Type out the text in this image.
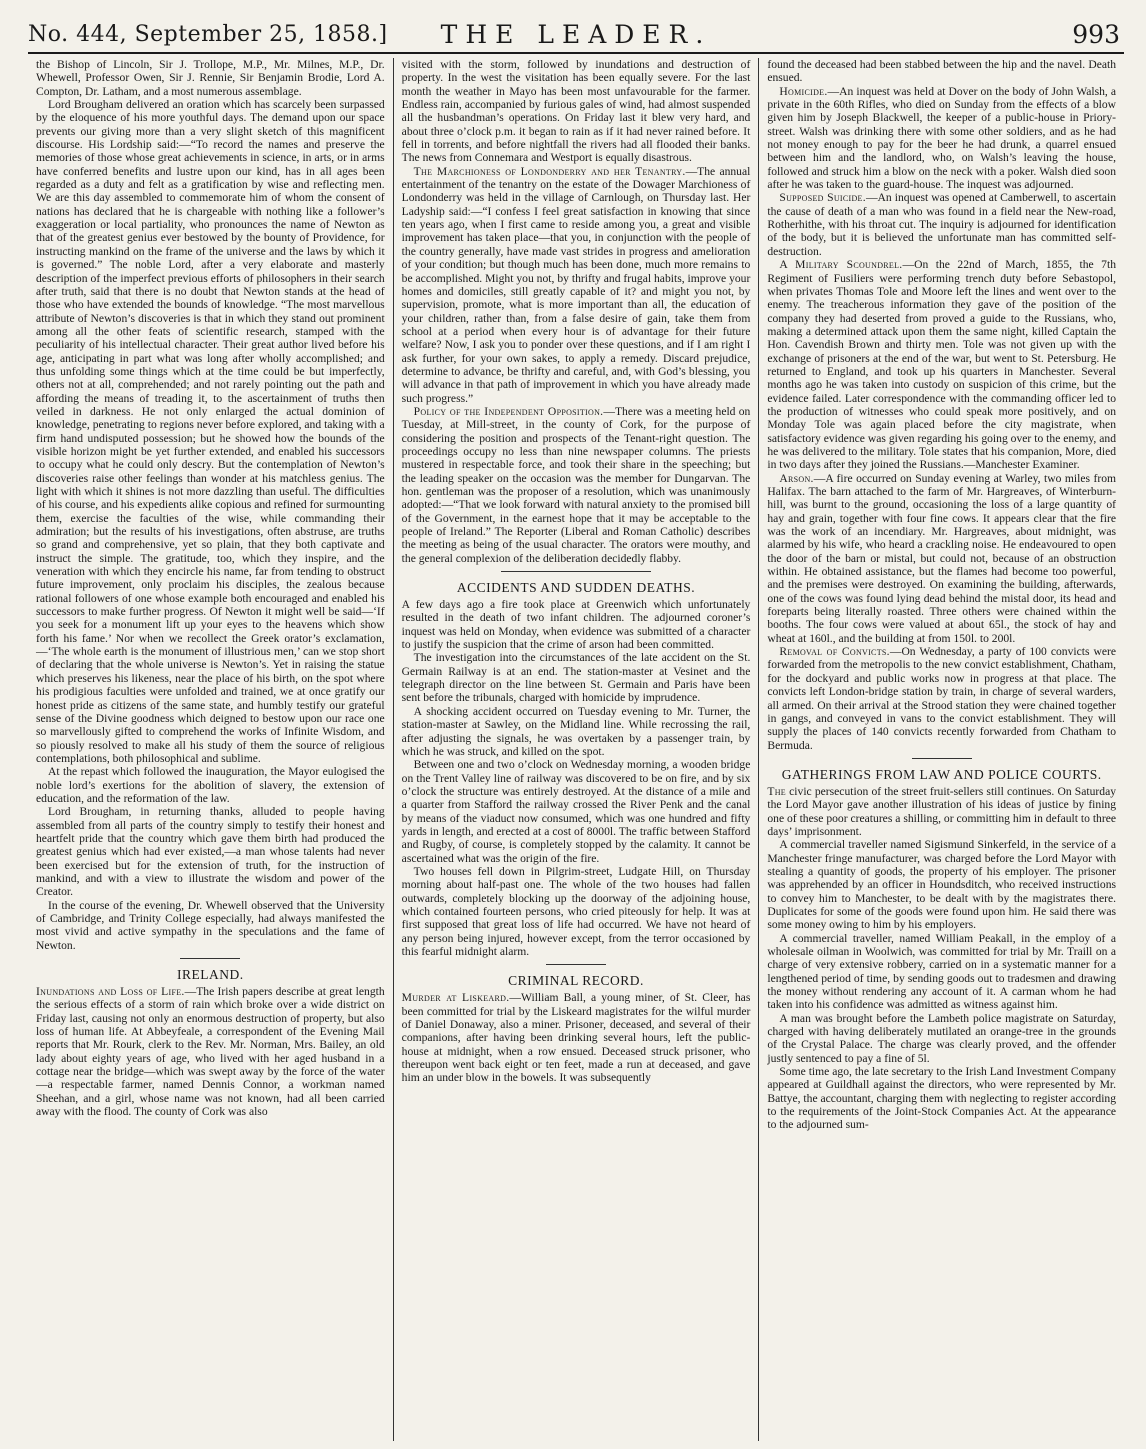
No. 444, September 25, 1858.]	THE LEADER.	993

the Bishop of Lincoln, Sir J. Trollope, M.P., Mr. Milnes, M.P., Dr. Whewell, Professor Owen, Sir J. Rennie, Sir Benjamin Brodie, Lord A. Compton, Dr. Latham, and a most numerous assemblage.

Lord Brougham delivered an oration which has scarcely been surpassed by the eloquence of his more youthful days. The demand upon our space prevents our giving more than a very slight sketch of this magnificent discourse. His Lordship said:—“To record the names and preserve the memories of those whose great achievements in science, in arts, or in arms have conferred benefits and lustre upon our kind, has in all ages been regarded as a duty and felt as a gratification by wise and reflecting men. We are this day assembled to commemorate him of whom the consent of nations has declared that he is chargeable with nothing like a follower’s exaggeration or local partiality, who pronounces the name of Newton as that of the greatest genius ever bestowed by the bounty of Providence, for instructing mankind on the frame of the universe and the laws by which it is governed.” The noble Lord, after a very elaborate and masterly description of the imperfect previous efforts of philosophers in their search after truth, said that there is no doubt that Newton stands at the head of those who have extended the bounds of knowledge. “The most marvellous attribute of Newton’s discoveries is that in which they stand out prominent among all the other feats of scientific research, stamped with the peculiarity of his intellectual character. Their great author lived before his age, anticipating in part what was long after wholly accomplished; and thus unfolding some things which at the time could be but imperfectly, others not at all, comprehended; and not rarely pointing out the path and affording the means of treading it, to the ascertainment of truths then veiled in darkness. He not only enlarged the actual dominion of knowledge, penetrating to regions never before explored, and taking with a firm hand undisputed possession; but he showed how the bounds of the visible horizon might be yet further extended, and enabled his successors to occupy what he could only descry. But the contemplation of Newton’s discoveries raise other feelings than wonder at his matchless genius. The light with which it shines is not more dazzling than useful. The difficulties of his course, and his expedients alike copious and refined for surmounting them, exercise the faculties of the wise, while commanding their admiration; but the results of his investigations, often abstruse, are truths so grand and comprehensive, yet so plain, that they both captivate and instruct the simple. The gratitude, too, which they inspire, and the veneration with which they encircle his name, far from tending to obstruct future improvement, only proclaim his disciples, the zealous because rational followers of one whose example both encouraged and enabled his successors to make further progress. Of Newton it might well be said—‘If you seek for a monument lift up your eyes to the heavens which show forth his fame.’ Nor when we recollect the Greek orator’s exclamation,—‘The whole earth is the monument of illustrious men,’ can we stop short of declaring that the whole universe is Newton’s. Yet in raising the statue which preserves his likeness, near the place of his birth, on the spot where his prodigious faculties were unfolded and trained, we at once gratify our honest pride as citizens of the same state, and humbly testify our grateful sense of the Divine goodness which deigned to bestow upon our race one so marvellously gifted to comprehend the works of Infinite Wisdom, and so piously resolved to make all his study of them the source of religious contemplations, both philosophical and sublime.

At the repast which followed the inauguration, the Mayor eulogised the noble lord’s exertions for the abolition of slavery, the extension of education, and the reformation of the law.

Lord Brougham, in returning thanks, alluded to people having assembled from all parts of the country simply to testify their honest and heartfelt pride that the country which gave them birth had produced the greatest genius which had ever existed,—a man whose talents had never been exercised but for the extension of truth, for the instruction of mankind, and with a view to illustrate the wisdom and power of the Creator.

In the course of the evening, Dr. Whewell observed that the University of Cambridge, and Trinity College especially, had always manifested the most vivid and active sympathy in the speculations and the fame of Newton.

IRELAND.

Inundations and Loss of Life.—The Irish papers describe at great length the serious effects of a storm of rain which broke over a wide district on Friday last, causing not only an enormous destruction of property, but also loss of human life. At Abbeyfeale, a correspondent of the Evening Mail reports that Mr. Rourk, clerk to the Rev. Mr. Norman, Mrs. Bailey, an old lady about eighty years of age, who lived with her aged husband in a cottage near the bridge—which was swept away by the force of the water—a respectable farmer, named Dennis Connor, a workman named Sheehan, and a girl, whose name was not known, had all been carried away with the flood. The county of Cork was also

visited with the storm, followed by inundations and destruction of property. In the west the visitation has been equally severe. For the last month the weather in Mayo has been most unfavourable for the farmer. Endless rain, accompanied by furious gales of wind, had almost suspended all the husbandman’s operations. On Friday last it blew very hard, and about three o’clock p.m. it began to rain as if it had never rained before. It fell in torrents, and before nightfall the rivers had all flooded their banks. The news from Connemara and Westport is equally disastrous.

The Marchioness of Londonderry and her Tenantry.—The annual entertainment of the tenantry on the estate of the Dowager Marchioness of Londonderry was held in the village of Carnlough, on Thursday last. Her Ladyship said:—“I confess I feel great satisfaction in knowing that since ten years ago, when I first came to reside among you, a great and visible improvement has taken place—that you, in conjunction with the people of the country generally, have made vast strides in progress and amelioration of your condition; but though much has been done, much more remains to be accomplished. Might you not, by thrifty and frugal habits, improve your homes and domiciles, still greatly capable of it? and might you not, by supervision, promote, what is more important than all, the education of your children, rather than, from a false desire of gain, take them from school at a period when every hour is of advantage for their future welfare? Now, I ask you to ponder over these questions, and if I am right I ask further, for your own sakes, to apply a remedy. Discard prejudice, determine to advance, be thrifty and careful, and, with God’s blessing, you will advance in that path of improvement in which you have already made such progress.”

Policy of the Independent Opposition.—There was a meeting held on Tuesday, at Mill-street, in the county of Cork, for the purpose of considering the position and prospects of the Tenant-right question. The proceedings occupy no less than nine newspaper columns. The priests mustered in respectable force, and took their share in the speeching; but the leading speaker on the occasion was the member for Dungarvan. The hon. gentleman was the proposer of a resolution, which was unanimously adopted:—“That we look forward with natural anxiety to the promised bill of the Government, in the earnest hope that it may be acceptable to the people of Ireland.” The Reporter (Liberal and Roman Catholic) describes the meeting as being of the usual character. The orators were mouthy, and the general complexion of the deliberation decidedly flabby.

ACCIDENTS AND SUDDEN DEATHS.

A few days ago a fire took place at Greenwich which unfortunately resulted in the death of two infant children. The adjourned coroner’s inquest was held on Monday, when evidence was submitted of a character to justify the suspicion that the crime of arson had been committed.

The investigation into the circumstances of the late accident on the St. Germain Railway is at an end. The station-master at Vesinet and the telegraph director on the line between St. Germain and Paris have been sent before the tribunals, charged with homicide by imprudence.

A shocking accident occurred on Tuesday evening to Mr. Turner, the station-master at Sawley, on the Midland line. While recrossing the rail, after adjusting the signals, he was overtaken by a passenger train, by which he was struck, and killed on the spot.

Between one and two o’clock on Wednesday morning, a wooden bridge on the Trent Valley line of railway was discovered to be on fire, and by six o’clock the structure was entirely destroyed. At the distance of a mile and a quarter from Stafford the railway crossed the River Penk and the canal by means of the viaduct now consumed, which was one hundred and fifty yards in length, and erected at a cost of 8000l. The traffic between Stafford and Rugby, of course, is completely stopped by the calamity. It cannot be ascertained what was the origin of the fire.

Two houses fell down in Pilgrim-street, Ludgate Hill, on Thursday morning about half-past one. The whole of the two houses had fallen outwards, completely blocking up the doorway of the adjoining house, which contained fourteen persons, who cried piteously for help. It was at first supposed that great loss of life had occurred. We have not heard of any person being injured, however except, from the terror occasioned by this fearful midnight alarm.

CRIMINAL RECORD.

Murder at Liskeard.—William Ball, a young miner, of St. Cleer, has been committed for trial by the Liskeard magistrates for the wilful murder of Daniel Donaway, also a miner. Prisoner, deceased, and several of their companions, after having been drinking several hours, left the public-house at midnight, when a row ensued. Deceased struck prisoner, who thereupon went back eight or ten feet, made a run at deceased, and gave him an under blow in the bowels. It was subsequently

found the deceased had been stabbed between the hip and the navel. Death ensued.

Homicide.—An inquest was held at Dover on the body of John Walsh, a private in the 60th Rifles, who died on Sunday from the effects of a blow given him by Joseph Blackwell, the keeper of a public-house in Priory-street. Walsh was drinking there with some other soldiers, and as he had not money enough to pay for the beer he had drunk, a quarrel ensued between him and the landlord, who, on Walsh’s leaving the house, followed and struck him a blow on the neck with a poker. Walsh died soon after he was taken to the guard-house. The inquest was adjourned.

Supposed Suicide.—An inquest was opened at Camberwell, to ascertain the cause of death of a man who was found in a field near the New-road, Rotherhithe, with his throat cut. The inquiry is adjourned for identification of the body, but it is believed the unfortunate man has committed self-destruction.

A Military Scoundrel.—On the 22nd of March, 1855, the 7th Regiment of Fusiliers were performing trench duty before Sebastopol, when privates Thomas Tole and Moore left the lines and went over to the enemy. The treacherous information they gave of the position of the company they had deserted from proved a guide to the Russians, who, making a determined attack upon them the same night, killed Captain the Hon. Cavendish Brown and thirty men. Tole was not given up with the exchange of prisoners at the end of the war, but went to St. Petersburg. He returned to England, and took up his quarters in Manchester. Several months ago he was taken into custody on suspicion of this crime, but the evidence failed. Later correspondence with the commanding officer led to the production of witnesses who could speak more positively, and on Monday Tole was again placed before the city magistrate, when satisfactory evidence was given regarding his going over to the enemy, and he was delivered to the military. Tole states that his companion, More, died in two days after they joined the Russians.—Manchester Examiner.

Arson.—A fire occurred on Sunday evening at Warley, two miles from Halifax. The barn attached to the farm of Mr. Hargreaves, of Winterburn-hill, was burnt to the ground, occasioning the loss of a large quantity of hay and grain, together with four fine cows. It appears clear that the fire was the work of an incendiary. Mr. Hargreaves, about midnight, was alarmed by his wife, who heard a crackling noise. He endeavoured to open the door of the barn or mistal, but could not, because of an obstruction within. He obtained assistance, but the flames had become too powerful, and the premises were destroyed. On examining the building, afterwards, one of the cows was found lying dead behind the mistal door, its head and foreparts being literally roasted. Three others were chained within the booths. The four cows were valued at about 65l., the stock of hay and wheat at 160l., and the building at from 150l. to 200l.

Removal of Convicts.—On Wednesday, a party of 100 convicts were forwarded from the metropolis to the new convict establishment, Chatham, for the dockyard and public works now in progress at that place. The convicts left London-bridge station by train, in charge of several warders, all armed. On their arrival at the Strood station they were chained together in gangs, and conveyed in vans to the convict establishment. They will supply the places of 140 convicts recently forwarded from Chatham to Bermuda.

GATHERINGS FROM LAW AND POLICE COURTS.

The civic persecution of the street fruit-sellers still continues. On Saturday the Lord Mayor gave another illustration of his ideas of justice by fining one of these poor creatures a shilling, or committing him in default to three days’ imprisonment.

A commercial traveller named Sigismund Sinkerfeld, in the service of a Manchester fringe manufacturer, was charged before the Lord Mayor with stealing a quantity of goods, the property of his employer. The prisoner was apprehended by an officer in Houndsditch, who received instructions to convey him to Manchester, to be dealt with by the magistrates there. Duplicates for some of the goods were found upon him. He said there was some money owing to him by his employers.

A commercial traveller, named William Peakall, in the employ of a wholesale oilman in Woolwich, was committed for trial by Mr. Traill on a charge of very extensive robbery, carried on in a systematic manner for a lengthened period of time, by sending goods out to tradesmen and drawing the money without rendering any account of it. A carman whom he had taken into his confidence was admitted as witness against him.

A man was brought before the Lambeth police magistrate on Saturday, charged with having deliberately mutilated an orange-tree in the grounds of the Crystal Palace. The charge was clearly proved, and the offender justly sentenced to pay a fine of 5l.

Some time ago, the late secretary to the Irish Land Investment Company appeared at Guildhall against the directors, who were represented by Mr. Battye, the accountant, charging them with neglecting to register according to the requirements of the Joint-Stock Companies Act. At the appearance to the adjourned sum-
